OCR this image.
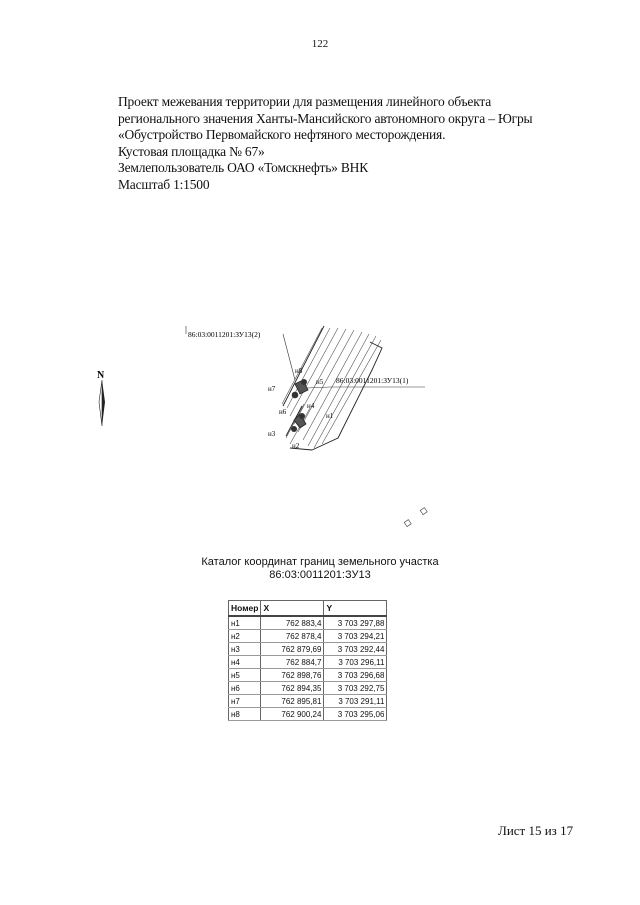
122
Проект межевания территории для размещения линейного объекта
регионального значения Ханты-Мансийского автономного округа – Югры
«Обустройство Первомайского нефтяного месторождения.
Кустовая площадка № 67»
Землепользователь ОАО «Томскнефть» ВНК
Масштаб 1:1500
N
86:03:0011201:ЗУ13(2)
86:03:0011201:ЗУ13(1)
н8
н7
н5
н6
н4
н1
н3
н2
Каталог координат границ земельного участка
86:03:0011201:ЗУ13
Номер	X	Y
н1	762 883,4	3 703 297,88
н2	762 878,4	3 703 294,21
н3	762 879,69	3 703 292,44
н4	762 884,7	3 703 296,11
н5	762 898,76	3 703 296,68
н6	762 894,35	3 703 292,75
н7	762 895,81	3 703 291,11
н8	762 900,24	3 703 295,06
Лист 15 из 17
